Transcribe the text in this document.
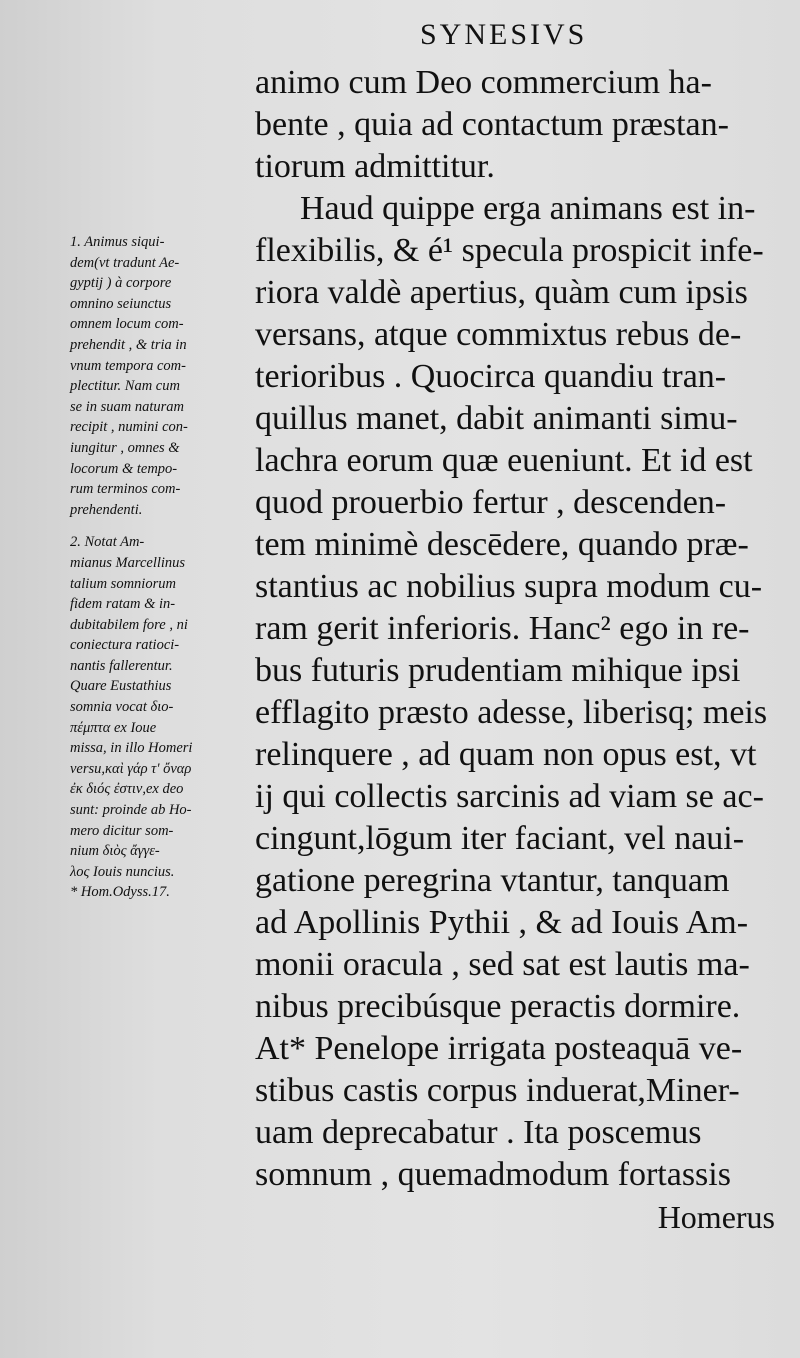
SYNESIVS
animo cum Deo commercium ha-
bente , quia ad contactum præstan-
tiorum admittitur.
Haud quippe erga animans est in-
flexibilis, & é¹ specula prospicit infe-
riora valdè apertius, quàm cum ipsis
versans, atque commixtus rebus de-
terioribus . Quocirca quandiu tran-
quillus manet, dabit animanti simu-
lachra eorum quæ eueniunt. Et id est
quod prouerbio fertur , descenden-
tem minimè descēdere, quando præ-
stantius ac nobilius supra modum cu-
ram gerit inferioris. Hanc² ego in re-
bus futuris prudentiam mihique ipsi
efflagito præsto adesse, liberisq; meis
relinquere , ad quam non opus est, vt
ij qui collectis sarcinis ad viam se ac-
cingunt,lōgum iter faciant, vel naui-
gatione peregrina vtantur, tanquam
ad Apollinis Pythii , & ad Iouis Am-
monii oracula , sed sat est lautis ma-
nibus precibúsque peractis dormire.
At* Penelope irrigata posteaquā ve-
stibus castis corpus induerat,Miner-
uam deprecabatur . Ita poscemus
somnum , quemadmodum fortassis
Homerus
1. Animus siqui-
dem(vt tradunt Ae-
gyptij ) à corpore
omnino seiunctus
omnem locum com-
prehendit , & tria in
vnum tempora com-
plectitur. Nam cum
se in suam naturam
recipit , numini con-
iungitur , omnes &
locorum & tempo-
rum terminos com-
prehendenti.
2. Notat Am-
mianus Marcellinus
talium somniorum
fidem ratam & in-
dubitabilem fore , ni
coniectura ratioci-
nantis fallerentur.
Quare Eustathius
somnia vocat διο-
πέμπτα ex Ioue
missa, in illo Homeri
versu,καὶ γάρ τ' ὄναρ
ἐκ διός ἐστιν,ex deo
sunt: proinde ab Ho-
mero dicitur som-
nium διὸς ἄγγε-
λος Iouis nuncius.
* Hom.Odyss.17.
